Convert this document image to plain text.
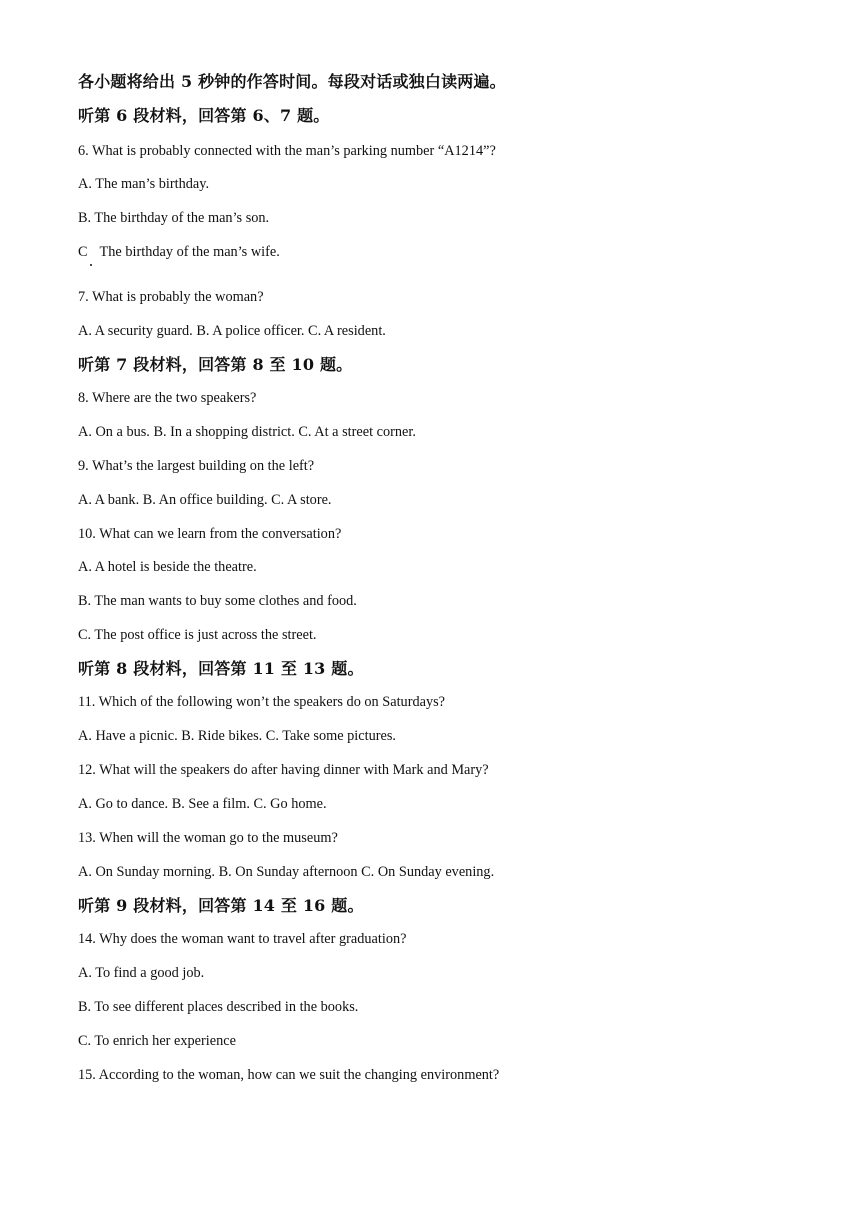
各小题将给出 5 秒钟的作答时间。每段对话或独白读两遍。

听第 6 段材料，回答第 6、7 题。

6. What is probably connected with the man’s parking number “A1214”?

A. The man’s birthday.

B. The birthday of the man’s son.

C The birthday of the man’s wife.

7. What is probably the woman?

A. A security guard. B. A police officer. C. A resident.

听第 7 段材料，回答第 8 至 10 题。

8. Where are the two speakers?

A. On a bus. B. In a shopping district. C. At a street corner.

9. What’s the largest building on the left?

A. A bank. B. An office building. C. A store.

10. What can we learn from the conversation?

A. A hotel is beside the theatre.

B. The man wants to buy some clothes and food.

C. The post office is just across the street.

听第 8 段材料，回答第 11 至 13 题。

11. Which of the following won’t the speakers do on Saturdays?

A. Have a picnic. B. Ride bikes. C. Take some pictures.

12. What will the speakers do after having dinner with Mark and Mary?

A. Go to dance. B. See a film. C. Go home.

13. When will the woman go to the museum?

A. On Sunday morning. B. On Sunday afternoon C. On Sunday evening.

听第 9 段材料，回答第 14 至 16 题。

14. Why does the woman want to travel after graduation?

A. To find a good job.

B. To see different places described in the books.

C. To enrich her experience

15. According to the woman, how can we suit the changing environment?
